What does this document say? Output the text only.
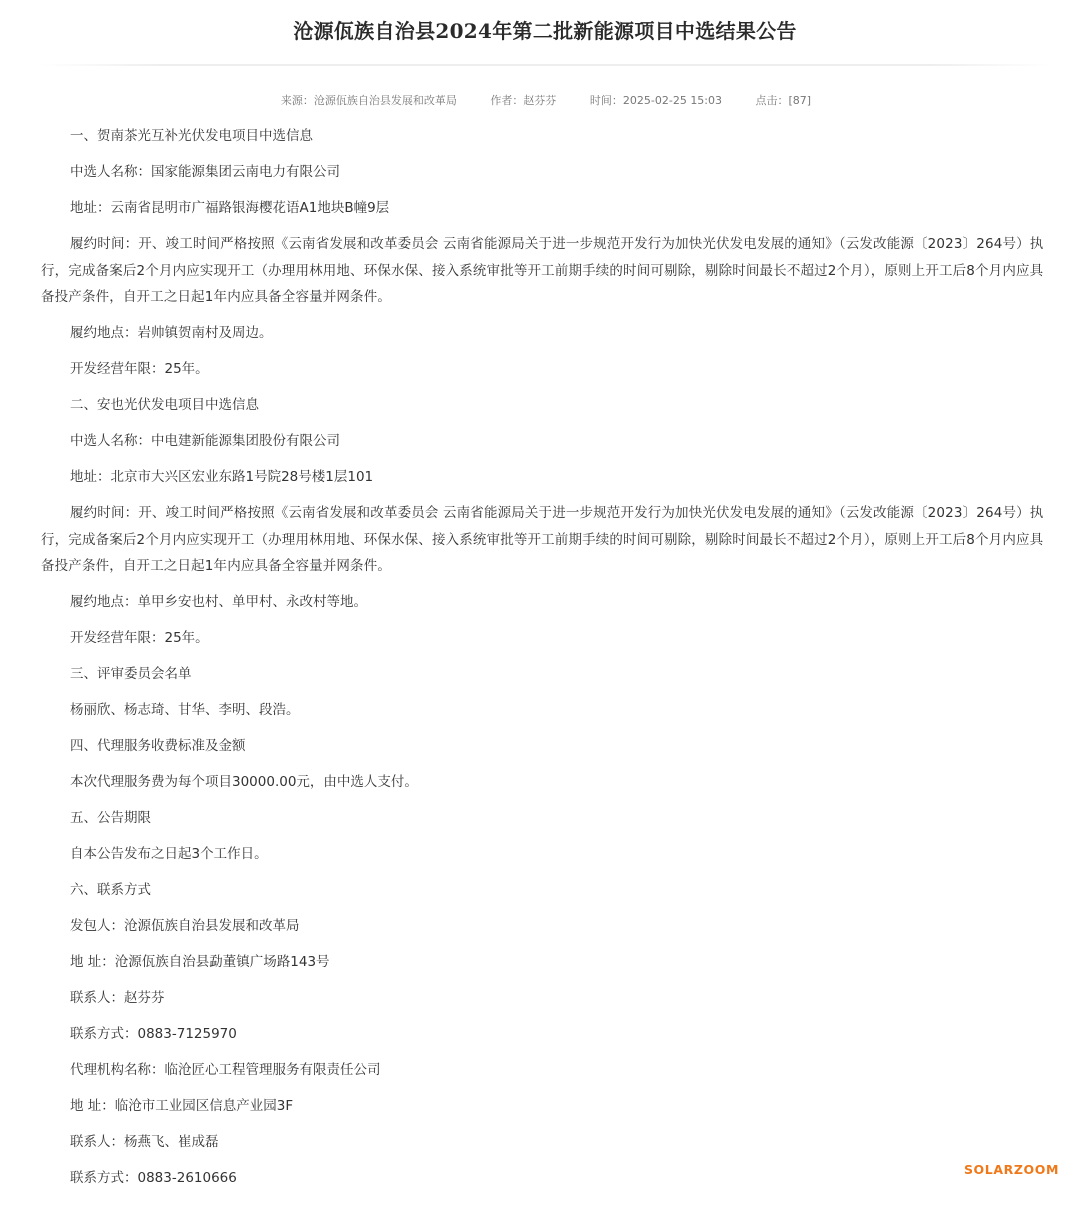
沧源佤族自治县2024年第二批新能源项目中选结果公告
来源：沧源佤族自治县发展和改革局	作者：赵芬芬	时间：2025-02-25 15:03	点击：[87]

一、贺南茶光互补光伏发电项目中选信息

中选人名称：国家能源集团云南电力有限公司

地址：云南省昆明市广福路银海樱花语A1地块B幢9层

履约时间：开、竣工时间严格按照《云南省发展和改革委员会 云南省能源局关于进一步规范开发行为加快光伏发电发展的通知》（云发改能源〔2023〕264号）执行，完成备案后2个月内应实现开工（办理用林用地、环保水保、接入系统审批等开工前期手续的时间可剔除，剔除时间最长不超过2个月），原则上开工后8个月内应具备投产条件，自开工之日起1年内应具备全容量并网条件。

履约地点：岩帅镇贺南村及周边。

开发经营年限：25年。

二、安也光伏发电项目中选信息

中选人名称：中电建新能源集团股份有限公司

地址：北京市大兴区宏业东路1号院28号楼1层101

履约时间：开、竣工时间严格按照《云南省发展和改革委员会 云南省能源局关于进一步规范开发行为加快光伏发电发展的通知》（云发改能源〔2023〕264号）执行，完成备案后2个月内应实现开工（办理用林用地、环保水保、接入系统审批等开工前期手续的时间可剔除，剔除时间最长不超过2个月），原则上开工后8个月内应具备投产条件，自开工之日起1年内应具备全容量并网条件。

履约地点：单甲乡安也村、单甲村、永改村等地。

开发经营年限：25年。

三、评审委员会名单

杨丽欣、杨志琦、甘华、李明、段浩。

四、代理服务收费标准及金额

本次代理服务费为每个项目30000.00元，由中选人支付。

五、公告期限

自本公告发布之日起3个工作日。

六、联系方式

发包人：沧源佤族自治县发展和改革局

地 址：沧源佤族自治县勐董镇广场路143号

联系人：赵芬芬

联系方式：0883-7125970

代理机构名称：临沧匠心工程管理服务有限责任公司

地 址：临沧市工业园区信息产业园3F

联系人：杨燕飞、崔成磊

联系方式：0883-2610666

SOLARZOOM
